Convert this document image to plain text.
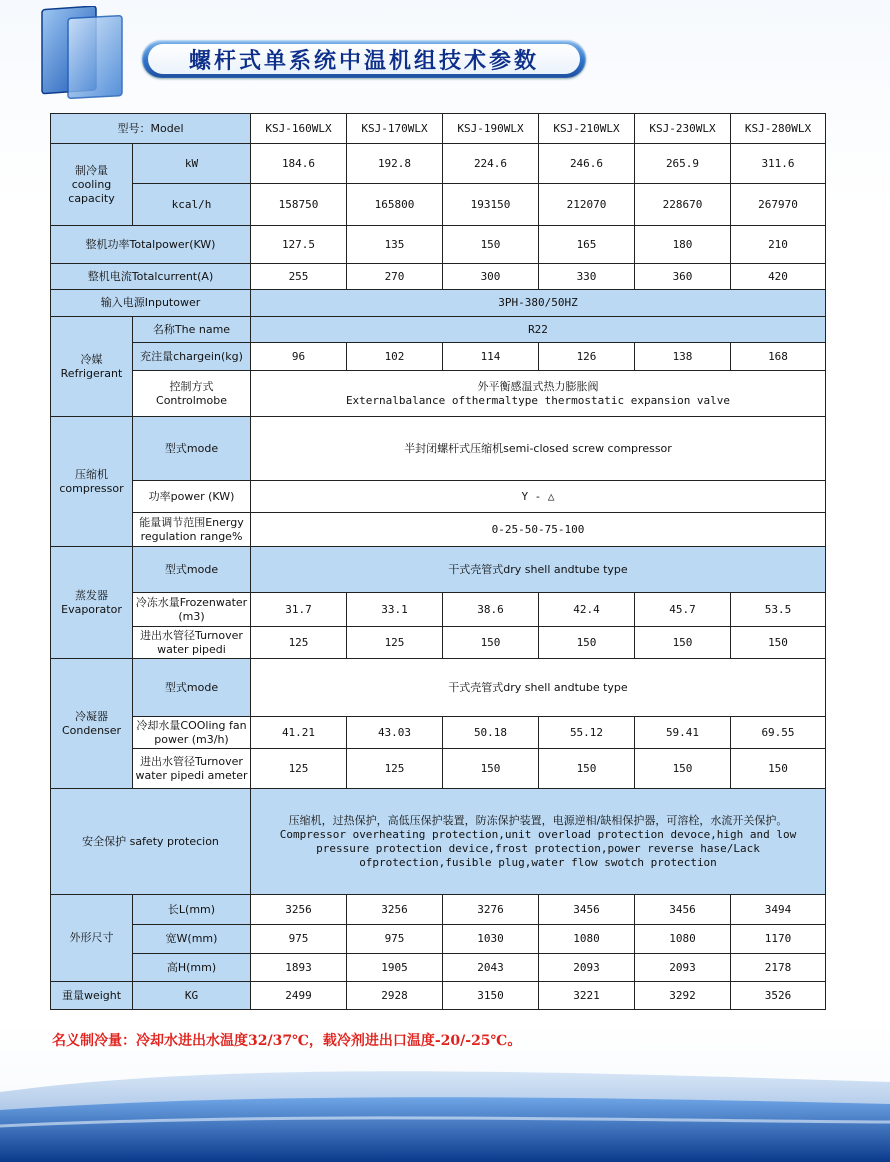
螺杆式单系统中温机组技术参数
型号：Model		KSJ-160WLX	KSJ-170WLX	KSJ-190WLX	KSJ-210WLX	KSJ-230WLX	KSJ-280WLX
制冷量
cooling
capacity	kW	184.6	192.8	224.6	246.6	265.9	311.6
	kcal/h	158750	165800	193150	212070	228670	267970
整机功率Totalpower(KW)		127.5	135	150	165	180	210
整机电流Totalcurrent(A)		255	270	300	330	360	420
输入电源Inputower		3PH-380/50HZ					
冷媒
Refrigerant	名称The name	R22					
	充注量chargein(kg)	96	102	114	126	138	168
	控制方式Controlmobe	外平衡感温式热力膨胀阀
Externalbalance ofthermaltype thermostatic expansion valve					

压缩机
compressor	型式mode	半封闭螺杆式压缩机semi-closed screw compressor					
	功率power (KW)	Y - △					
	能量调节范围Energy regulation range%	0-25-50-75-100					
蒸发器
Evaporator	型式mode	干式壳管式dry shell andtube type					
	冷冻水量Frozenwater (m3)	31.7	33.1	38.6	42.4	45.7	53.5
	进出水管径Turnover water pipedi	125	125	150	150	150	150
冷凝器
Condenser	型式mode	干式壳管式dry shell andtube type					
	冷却水量COOling fan power (m3/h)	41.21	43.03	50.18	55.12	59.41	69.55
	进出水管径Turnover water pipedi ameter	125	125	150	150	150	150
安全保护 safety protecion		压缩机，过热保护，高低压保护装置，防冻保护装置，电源逆相/缺相保护器，可溶栓，水流开关保护。
Compressor overheating protection,unit overload protection devoce,high and low pressure protection device,frost protection,power reverse hase/Lack ofprotection,fusible plug,water flow swotch protection					

外形尺寸	长L(mm)	3256	3256	3276	3456	3456	3494
	宽W(mm)	975	975	1030	1080	1080	1170
	高H(mm)	1893	1905	2043	2093	2093	2178
重量weight	KG	2499	2928	3150	3221	3292	3526
名义制冷量：冷却水进出水温度32/37℃，载冷剂进出口温度-20/-25℃。
